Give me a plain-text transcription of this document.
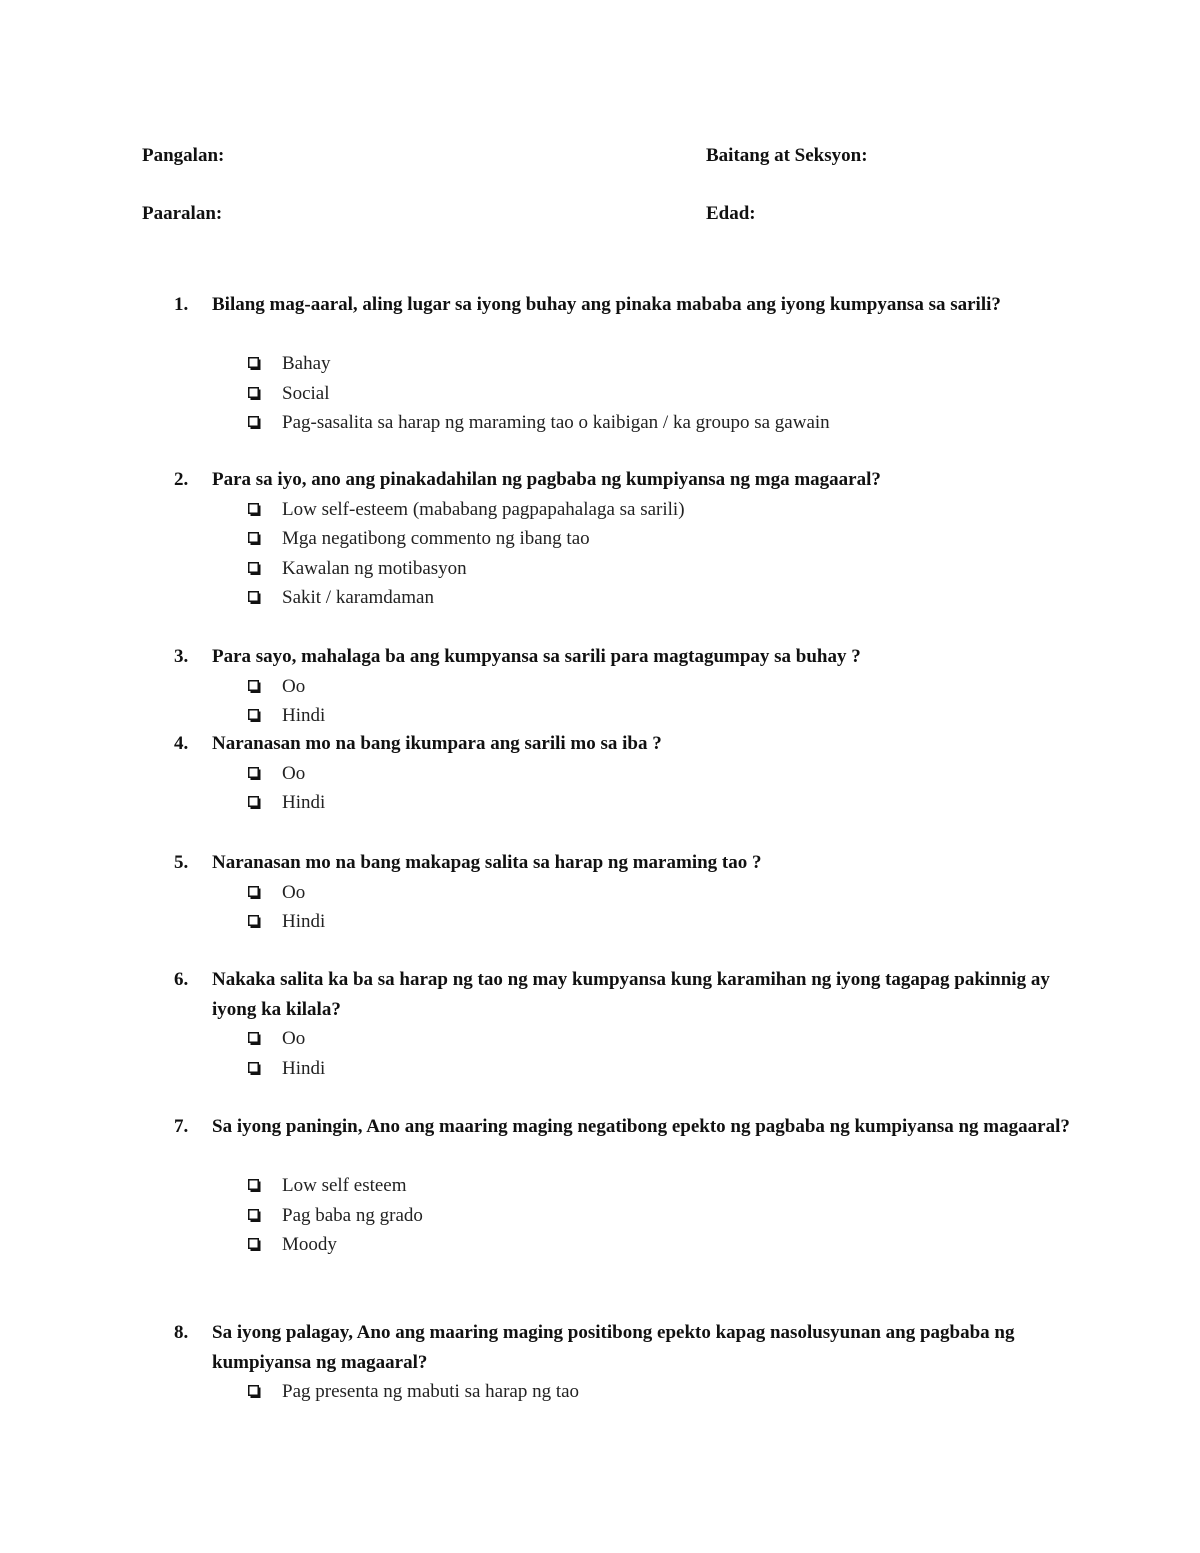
Pangalan:	Baitang at Seksyon:
Paaralan:	Edad:
1. Bilang mag-aaral, aling lugar sa iyong buhay ang pinaka mababa ang iyong kumpyansa sa sarili?
Bahay
Social
Pag-sasalita sa harap ng maraming tao o kaibigan / ka groupo sa gawain
2. Para sa iyo, ano ang pinakadahilan ng pagbaba ng kumpiyansa ng mga magaaral?
Low self-esteem (mababang pagpapahalaga sa sarili)
Mga negatibong commento ng ibang tao
Kawalan ng motibasyon
Sakit / karamdaman
3. Para sayo, mahalaga ba ang kumpyansa sa sarili para magtagumpay sa buhay ?
Oo
Hindi
4. Naranasan mo na bang ikumpara ang sarili mo sa iba ?
Oo
Hindi
5. Naranasan mo na bang makapag salita sa harap ng maraming tao ?
Oo
Hindi
6. Nakaka salita ka ba sa harap ng tao ng may kumpyansa kung karamihan ng iyong tagapag pakinnig ay iyong ka kilala?
Oo
Hindi
7. Sa iyong paningin, Ano ang maaring maging negatibong epekto ng pagbaba ng kumpiyansa ng magaaral?
Low self esteem
Pag baba ng grado
Moody
8. Sa iyong palagay, Ano ang maaring maging positibong epekto kapag nasolusyunan ang pagbaba ng kumpiyansa ng magaaral?
Pag presenta ng mabuti sa harap ng tao
